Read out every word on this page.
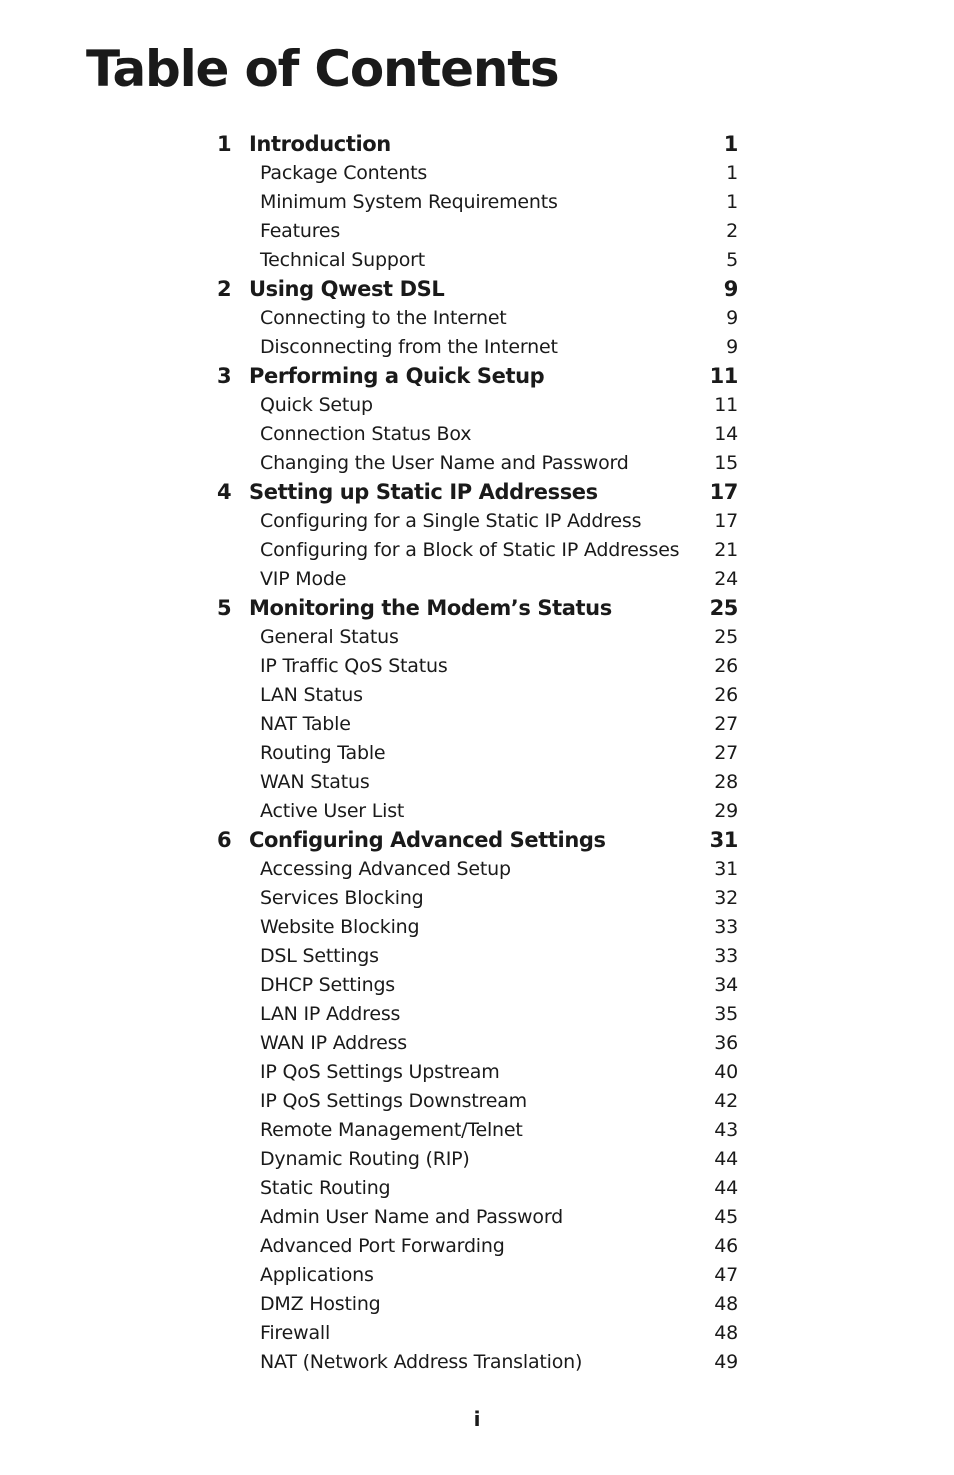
Table of Contents
1 Introduction	1
Package Contents	1
Minimum System Requirements	1
Features	2
Technical Support	5
2 Using Qwest DSL	9
Connecting to the Internet	9
Disconnecting from the Internet	9
3 Performing a Quick Setup	11
Quick Setup	11
Connection Status Box	14
Changing the User Name and Password	15
4 Setting up Static IP Addresses	17
Configuring for a Single Static IP Address	17
Configuring for a Block of Static IP Addresses 21
VIP Mode	24
5 Monitoring the Modem’s Status	25
General Status	25
IP Traffic QoS Status	26
LAN Status	26
NAT Table	27
Routing Table	27
WAN Status	28
Active User List	29
6 Configuring Advanced Settings	31
Accessing Advanced Setup	31
Services Blocking	32
Website Blocking	33
DSL Settings	33
DHCP Settings	34
LAN IP Address	35
WAN IP Address	36
IP QoS Settings Upstream	40
IP QoS Settings Downstream	42
Remote Management/Telnet	43
Dynamic Routing (RIP)	44
Static Routing	44
Admin User Name and Password	45
Advanced Port Forwarding	46
Applications	47
DMZ Hosting	48
Firewall	48
NAT (Network Address Translation)	49
i
